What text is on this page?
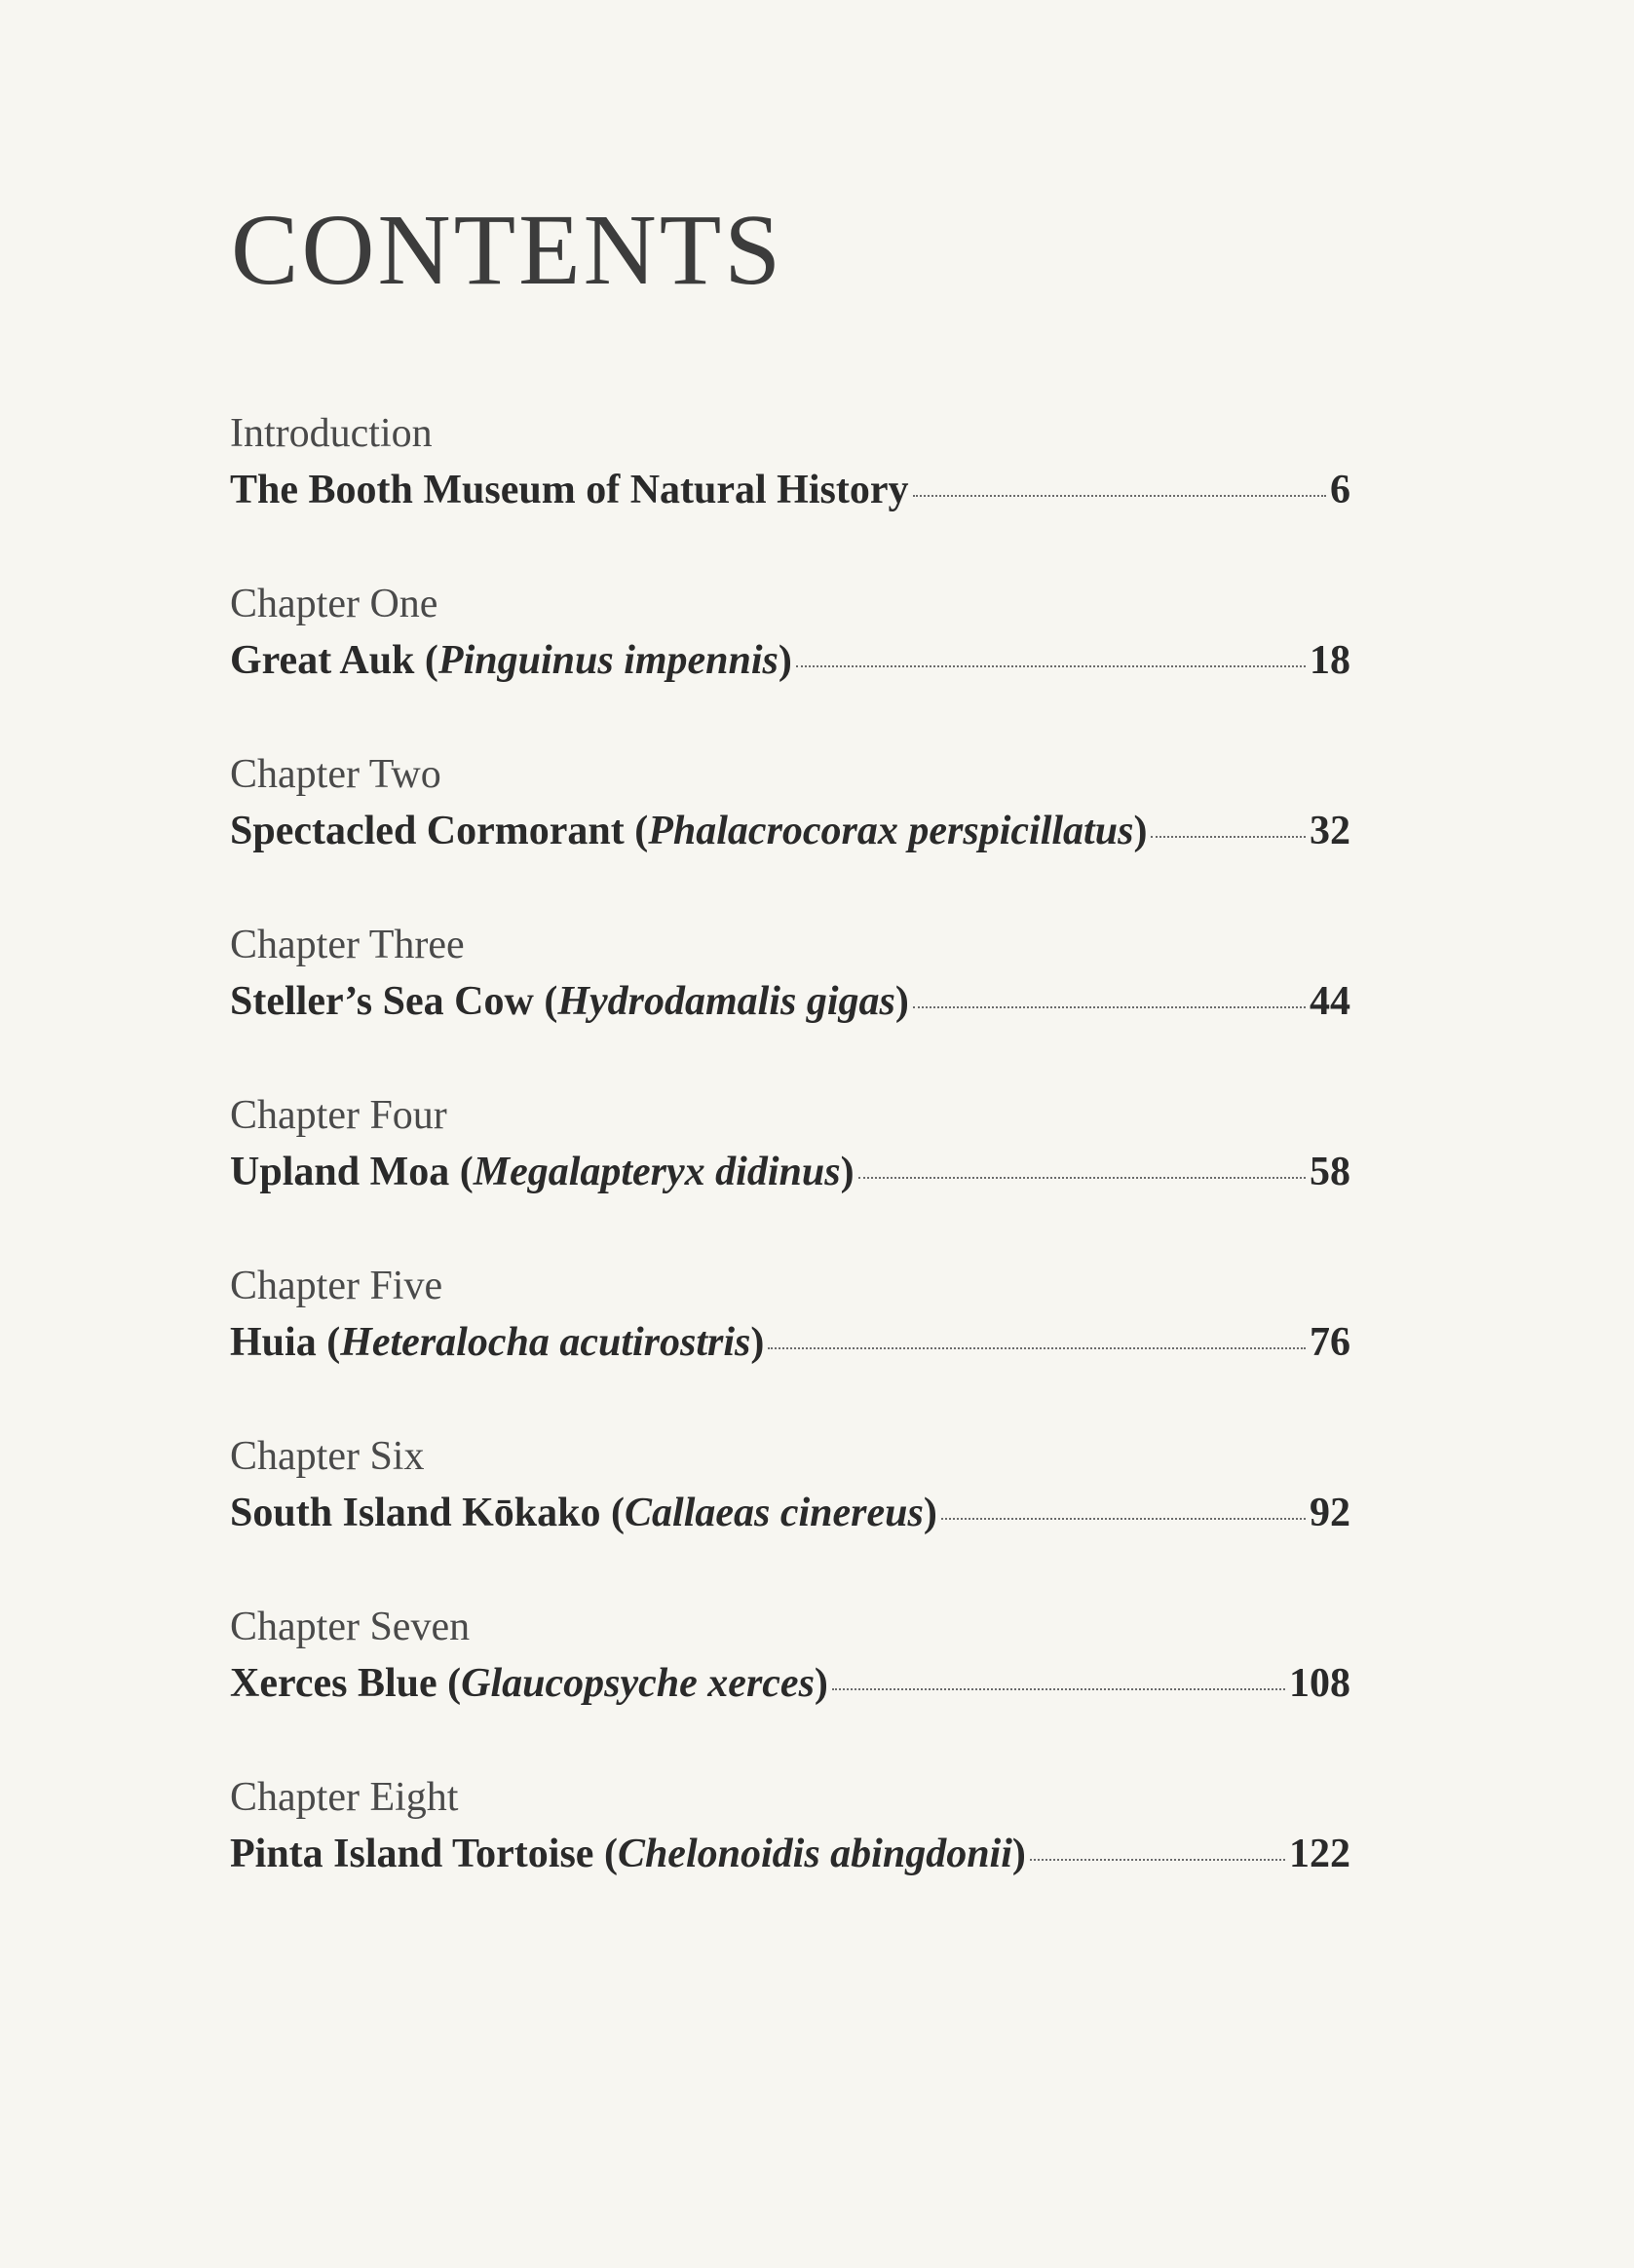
CONTENTS
Introduction
The Booth Museum of Natural History	6
Chapter One
Great Auk (Pinguinus impennis)	18
Chapter Two
Spectacled Cormorant (Phalacrocorax perspicillatus)	32
Chapter Three
Steller’s Sea Cow (Hydrodamalis gigas)	44
Chapter Four
Upland Moa (Megalapteryx didinus)	58
Chapter Five
Huia (Heteralocha acutirostris)	76
Chapter Six
South Island Kōkako (Callaeas cinereus)	92
Chapter Seven
Xerces Blue (Glaucopsyche xerces)	108
Chapter Eight
Pinta Island Tortoise (Chelonoidis abingdonii)	122
